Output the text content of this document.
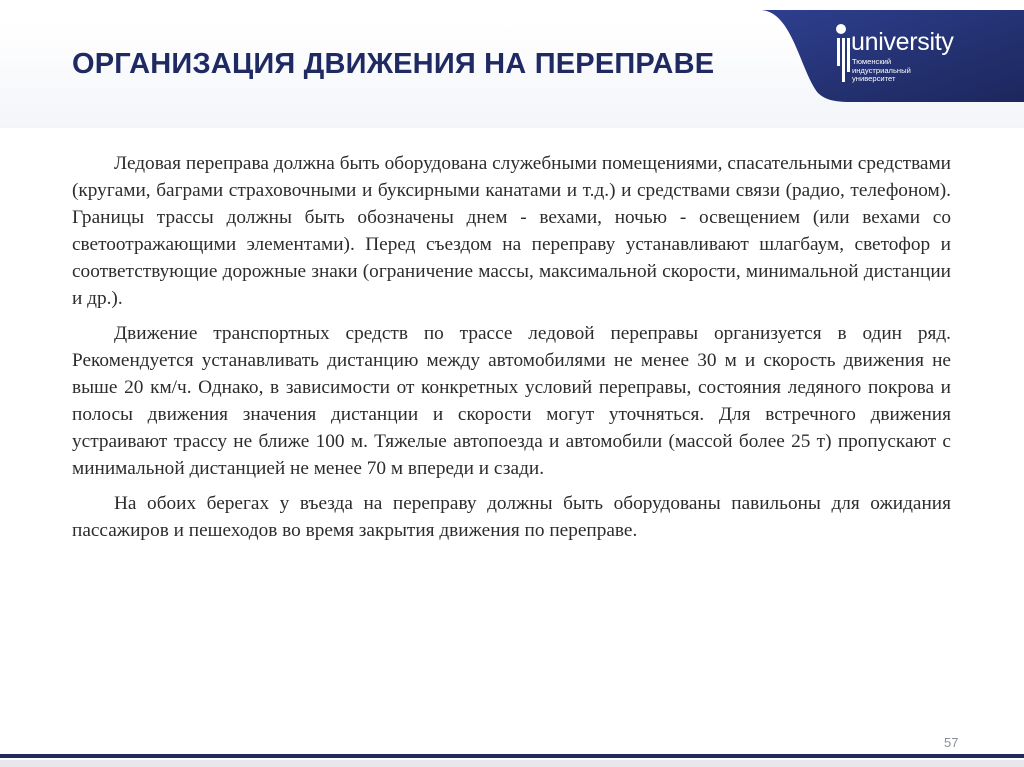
ОРГАНИЗАЦИЯ ДВИЖЕНИЯ НА ПЕРЕПРАВЕ
university
Тюменский
индустриальный
университет

Ледовая переправа должна быть оборудована служебными помещениями, спасательными средствами (кругами, баграми страховочными и буксирными канатами и т.д.) и средствами связи (радио, телефоном). Границы трассы должны быть обозначены днем - вехами, ночью - освещением (или вехами со светоотражающими элементами). Перед съездом на переправу устанавливают шлагбаум, светофор и соответствующие дорожные знаки (ограничение массы, максимальной скорости, минимальной дистанции и др.).

Движение транспортных средств по трассе ледовой переправы организуется в один ряд. Рекомендуется устанавливать дистанцию между автомобилями не менее 30 м и скорость движения не выше 20 км/ч. Однако, в зависимости от конкретных условий переправы, состояния ледяного покрова и полосы движения значения дистанции и скорости могут уточняться. Для встречного движения устраивают трассу не ближе 100 м. Тяжелые автопоезда и автомобили (массой более 25 т) пропускают с минимальной дистанцией не менее 70 м впереди и сзади.

На обоих берегах у въезда на переправу должны быть оборудованы павильоны для ожидания пассажиров и пешеходов во время закрытия движения по переправе.

57
